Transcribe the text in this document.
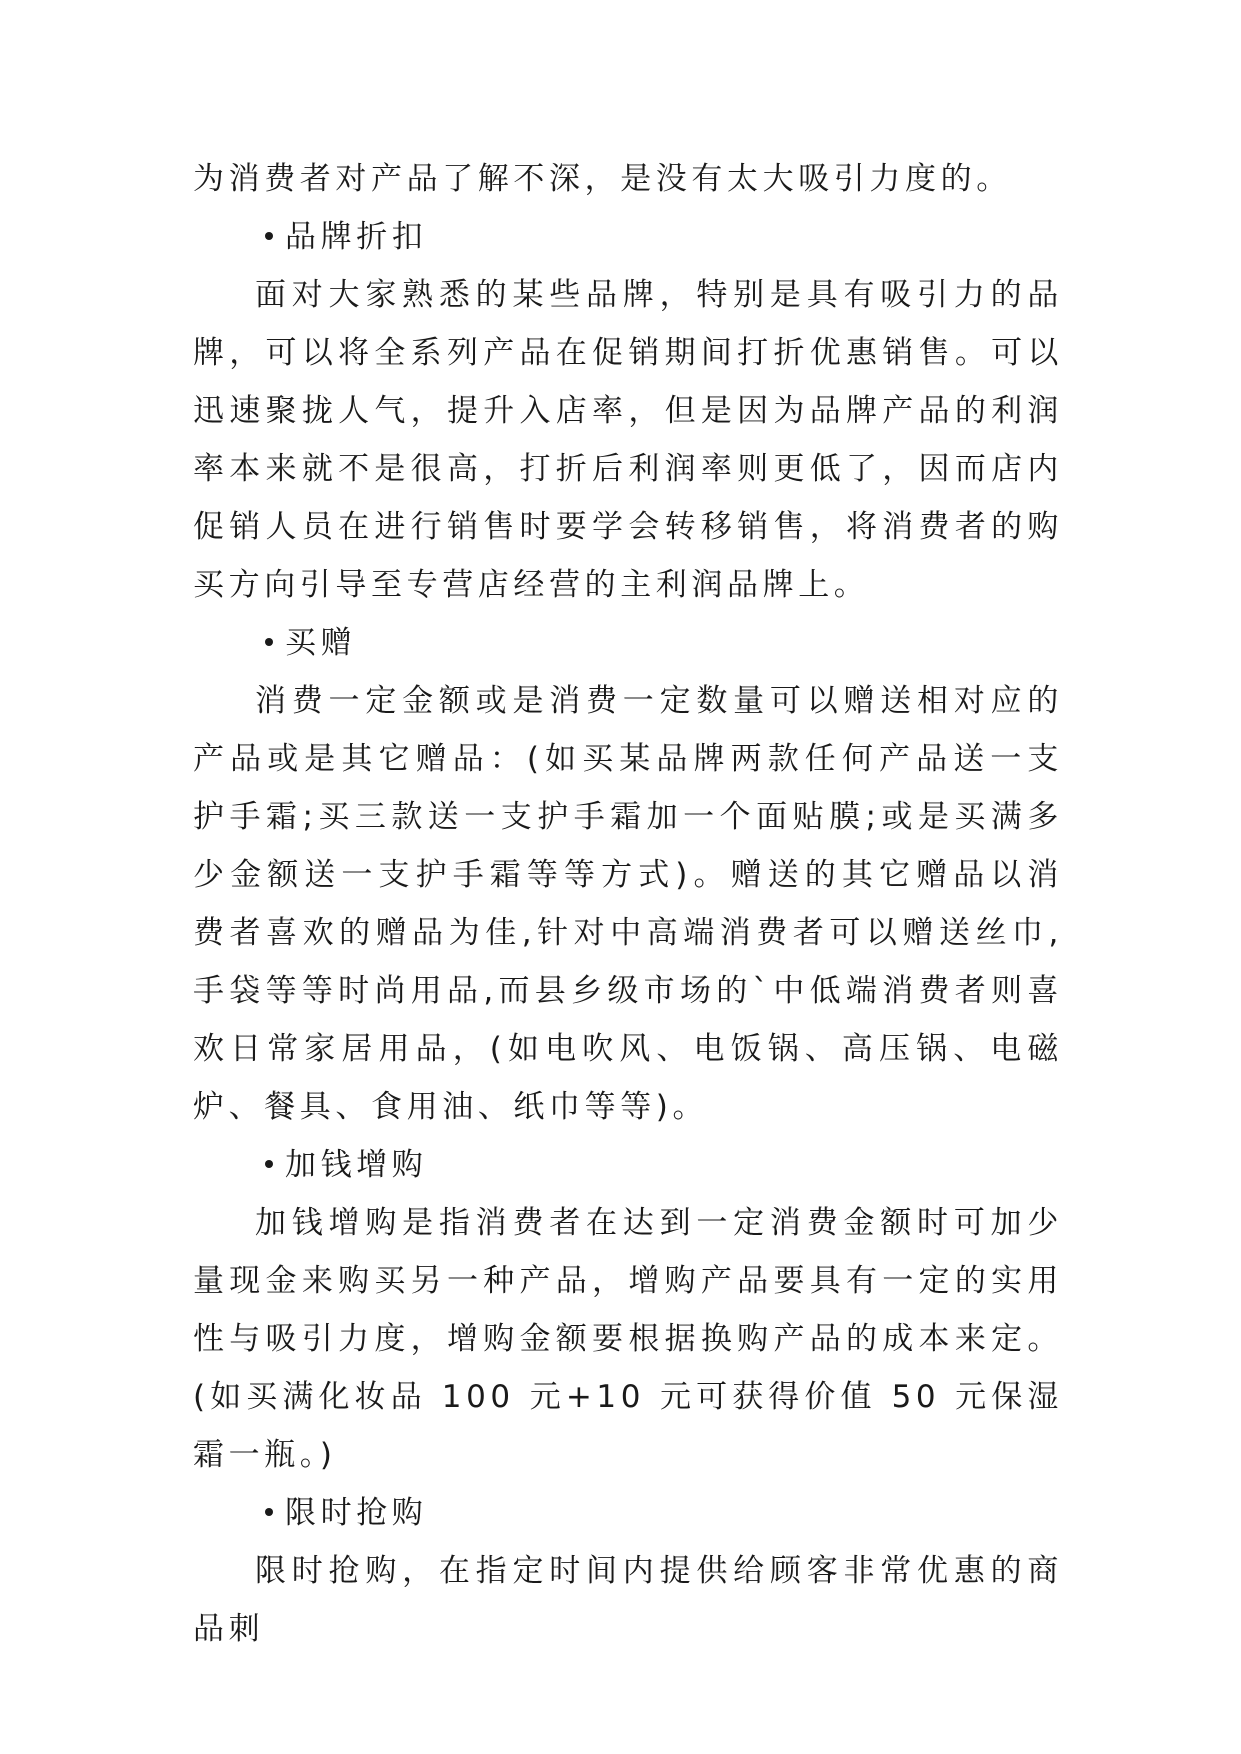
为消费者对产品了解不深，是没有太大吸引力度的。

品牌折扣

面对大家熟悉的某些品牌，特别是具有吸引力的品牌，可以将全系列产品在促销期间打折优惠销售。可以迅速聚拢人气，提升入店率，但是因为品牌产品的利润率本来就不是很高，打折后利润率则更低了，因而店内促销人员在进行销售时要学会转移销售，将消费者的购买方向引导至专营店经营的主利润品牌上。

买赠

消费一定金额或是消费一定数量可以赠送相对应的产品或是其它赠品：(如买某品牌两款任何产品送一支护手霜;买三款送一支护手霜加一个面贴膜;或是买满多少金额送一支护手霜等等方式)。赠送的其它赠品以消费者喜欢的赠品为佳,针对中高端消费者可以赠送丝巾,手袋等等时尚用品,而县乡级市场的`中低端消费者则喜欢日常家居用品，(如电吹风、电饭锅、高压锅、电磁炉、餐具、食用油、纸巾等等)。

加钱增购

加钱增购是指消费者在达到一定消费金额时可加少量现金来购买另一种产品，增购产品要具有一定的实用性与吸引力度，增购金额要根据换购产品的成本来定。(如买满化妆品 100 元+10 元可获得价值 50 元保湿霜一瓶。)

限时抢购

限时抢购，在指定时间内提供给顾客非常优惠的商品刺
